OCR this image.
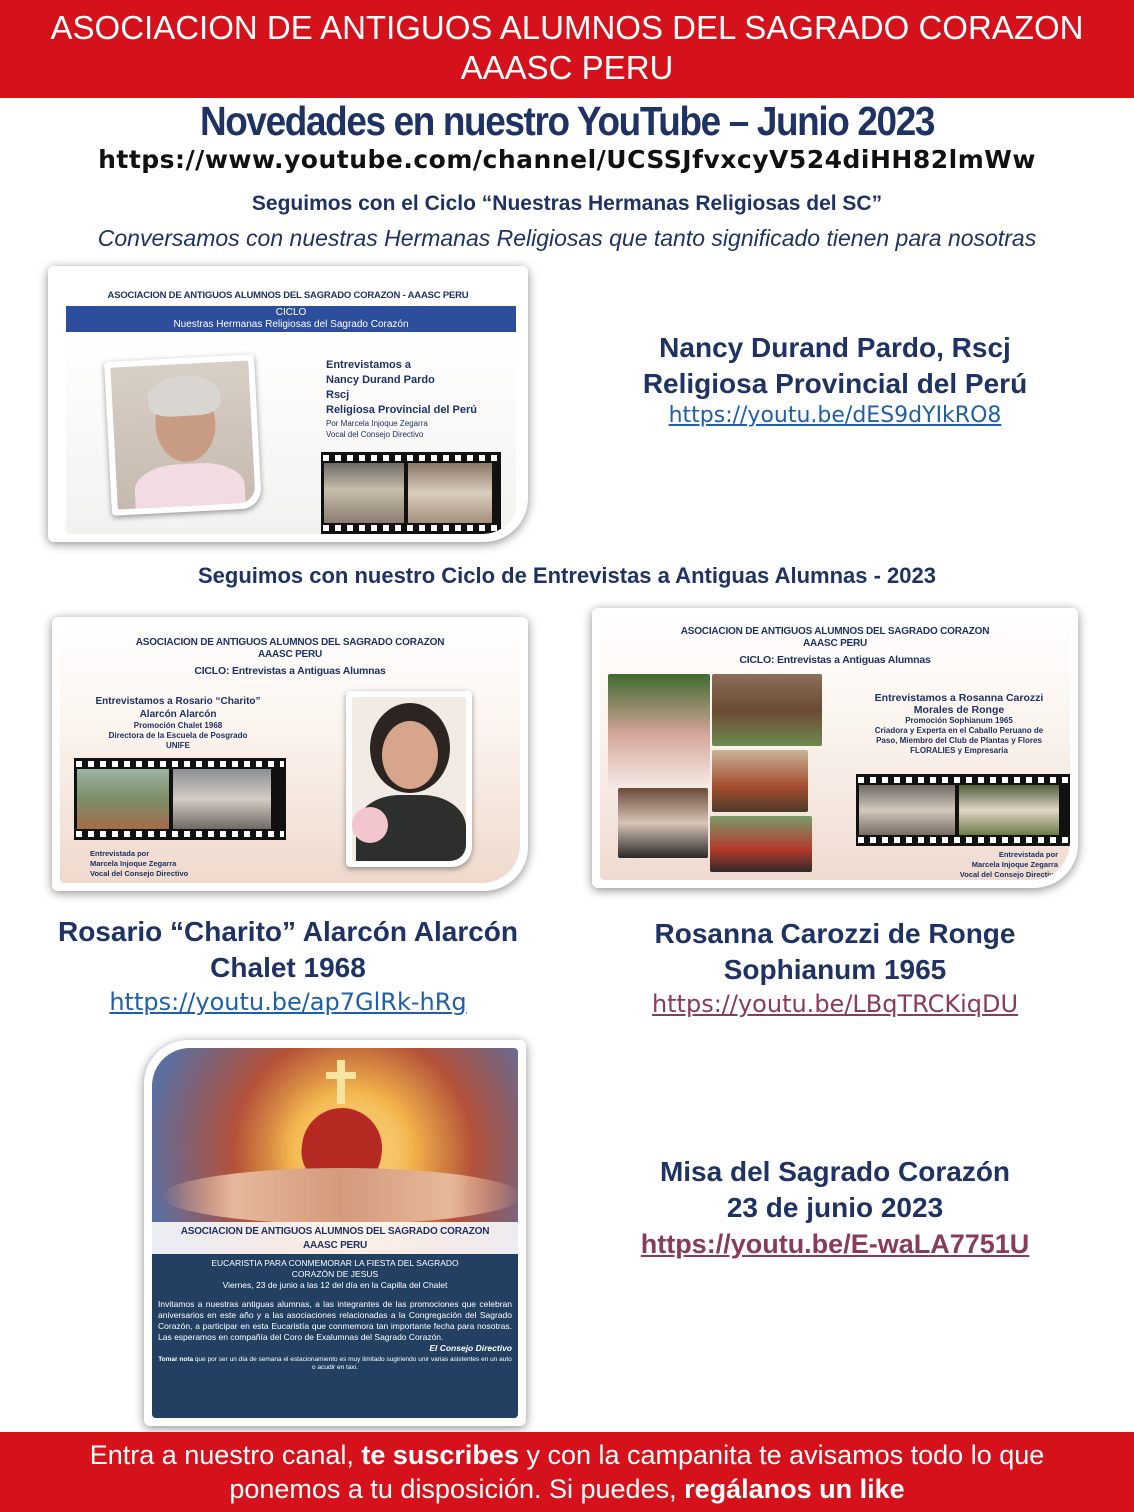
ASOCIACION DE ANTIGUOS ALUMNOS DEL SAGRADO CORAZON
AAASC PERU
Novedades en nuestro YouTube – Junio 2023
https://www.youtube.com/channel/UCSSJfvxcyV524diHH82lmWw
Seguimos con el Ciclo “Nuestras Hermanas Religiosas del SC”
Conversamos con nuestras Hermanas Religiosas que tanto significado tienen para nosotras
ASOCIACION DE ANTIGUOS ALUMNOS DEL SAGRADO CORAZON - AAASC PERU
CICLO
Nuestras Hermanas Religiosas del Sagrado Corazón
Entrevistamos a
Nancy Durand Pardo
Rscj
Religiosa Provincial del Perú
Por Marcela Injoque Zegarra
Vocal del Consejo Directivo
Nancy Durand Pardo, Rscj
Religiosa Provincial del Perú
https://youtu.be/dES9dYIkRO8
Seguimos con nuestro Ciclo de Entrevistas a Antiguas Alumnas - 2023
ASOCIACION DE ANTIGUOS ALUMNOS DEL SAGRADO CORAZON
AAASC PERU
CICLO: Entrevistas a Antiguas Alumnas
Entrevistamos a Rosario “Charito”
Alarcón Alarcón
Promoción Chalet 1968
Directora de la Escuela de Posgrado
UNIFE
Entrevistada por
Marcela Injoque Zegarra
Vocal del Consejo Directivo
ASOCIACION DE ANTIGUOS ALUMNOS DEL SAGRADO CORAZON
AAASC PERU
CICLO: Entrevistas a Antiguas Alumnas
Entrevistamos a Rosanna Carozzi
Morales de Ronge
Promoción Sophianum 1965
Criadora y Experta en el Caballo Peruano de
Paso, Miembro del Club de Plantas y Flores
FLORALIES y Empresaria
Entrevistada por
Marcela Injoque Zegarra
Vocal del Consejo Directivo
Rosario “Charito” Alarcón Alarcón
Chalet 1968
https://youtu.be/ap7GlRk-hRg
Rosanna Carozzi de Ronge
Sophianum 1965
https://youtu.be/LBqTRCKiqDU
ASOCIACION DE ANTIGUOS ALUMNOS DEL SAGRADO CORAZON
AAASC PERU
EUCARISTIA PARA CONMEMORAR LA FIESTA DEL SAGRADO
CORAZÓN DE JESUS
Viernes, 23 de junio a las 12 del día en la Capilla del Chalet
Invitamos a nuestras antiguas alumnas, a las integrantes de las promociones que celebran aniversarios en este año y a las asociaciones relacionadas a la Congregación del Sagrado Corazón, a participar en esta Eucaristía que conmemora tan importante fecha para nosotras. Las esperamos en compañía del Coro de Exalumnas del Sagrado Corazón.
El Consejo Directivo
Tomar nota que por ser un día de semana el estacionamiento es muy limitado sugiriendo unir varias asistentes en un auto o acudir en taxi.
Misa del Sagrado Corazón
23 de junio 2023
https://youtu.be/E-waLA7751U
Entra a nuestro canal, te suscribes y con la campanita te avisamos todo lo que
ponemos a tu disposición. Si puedes, regálanos un like
